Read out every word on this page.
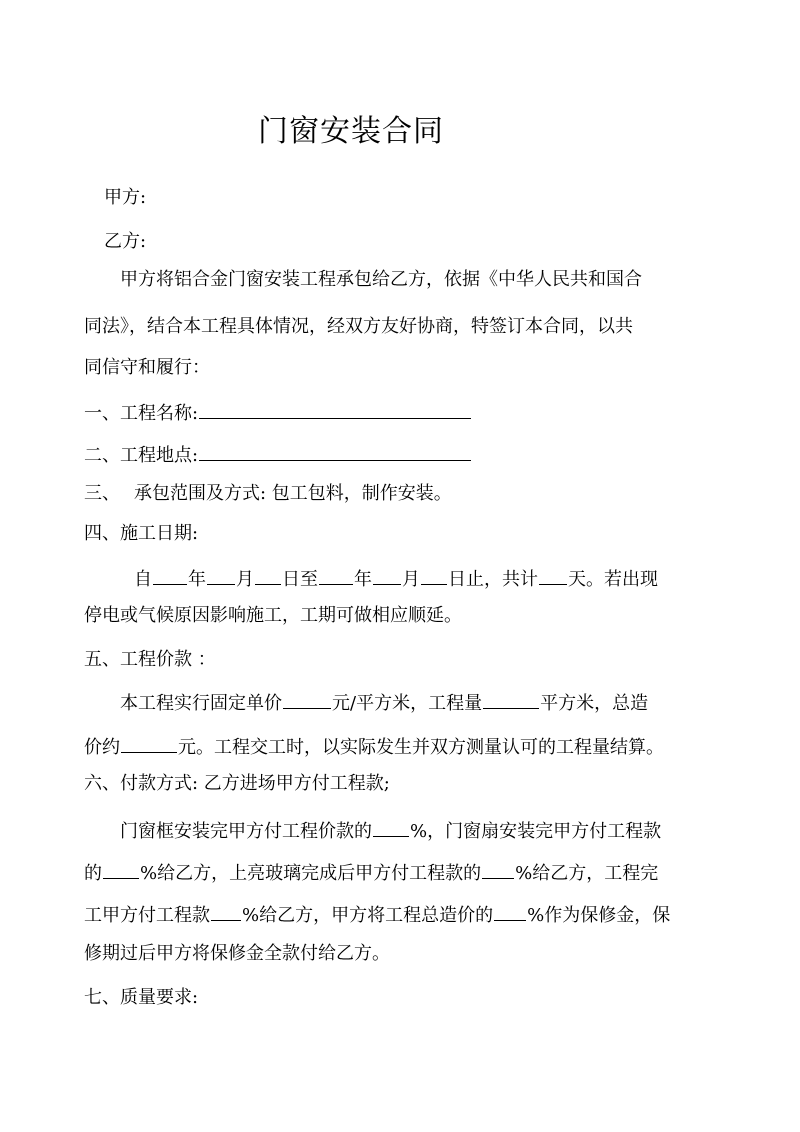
门窗安装合同
甲方:
乙方:
甲方将铝合金门窗安装工程承包给乙方，依据《中华人民共和国合
同法》，结合本工程具体情况，经双方友好协商，特签订本合同，以共
同信守和履行：
一、工程名称:
二、工程地点:
三、 承包范围及方式: 包工包料，制作安装。
四、施工日期:
自 年 月 日至 年 月 日止，共计 天。若出现
停电或气候原因影响施工，工期可做相应顺延。
五、工程价款 ：
本工程实行固定单价	元/平方米，工程量	平方米，总造
价约	元。工程交工时，以实际发生并双方测量认可的工程量结算。
六、付款方式: 乙方进场甲方付工程款;
门窗框安装完甲方付工程价款的 %，门窗扇安装完甲方付工程款
的 %给乙方，上亮玻璃完成后甲方付工程款的 %给乙方，工程完
工甲方付工程款 %给乙方，甲方将工程总造价的 %作为保修金，保
修期过后甲方将保修金全款付给乙方。
七、质量要求:
